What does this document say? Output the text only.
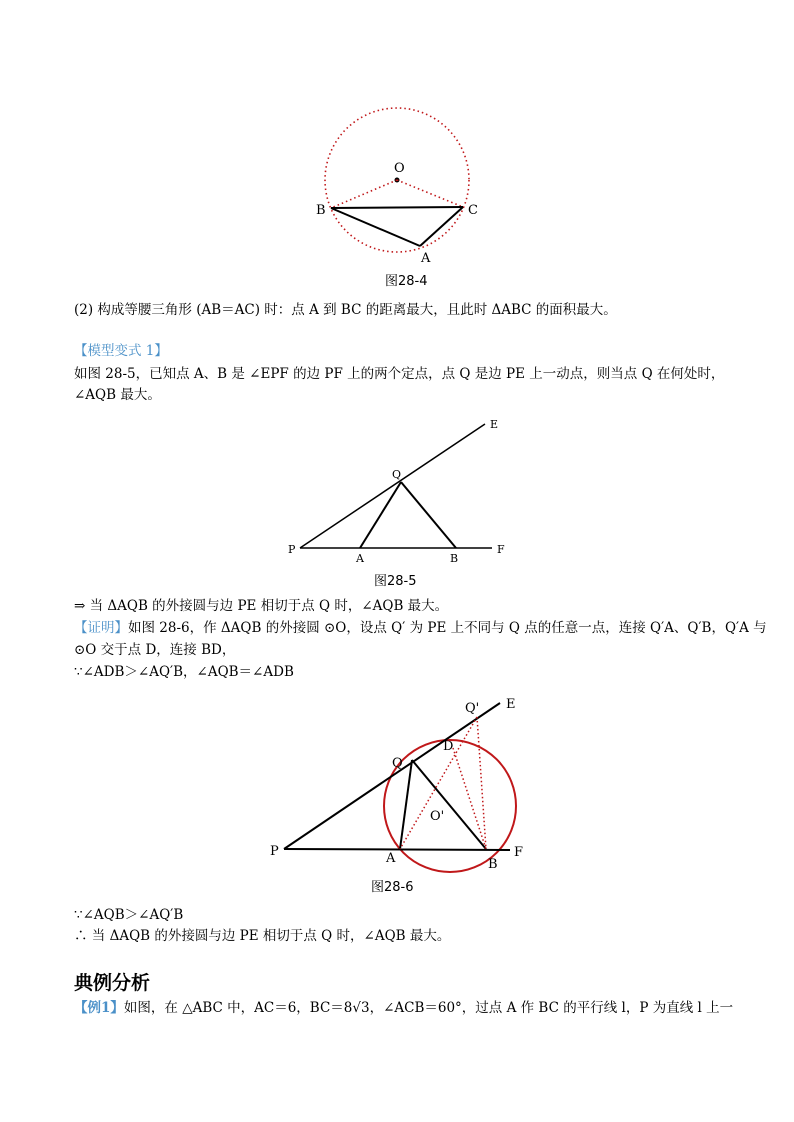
O
B	C
A
图28-4
(2) 构成等腰三角形 (AB＝AC) 时：点 A 到 BC 的距离最大，且此时 ΔABC 的面积最大。
【模型变式 1】
如图 28-5，已知点 A、B 是 ∠EPF 的边 PF 上的两个定点，点 Q 是边 PE 上一动点，则当点 Q 在何处时，
∠AQB 最大。
E
Q
P
A	B
F
图28-5
⇒ 当 ΔAQB 的外接圆与边 PE 相切于点 Q 时，∠AQB 最大。
【证明】如图 28-6，作 ΔAQB 的外接圆 ⊙O，设点 Q′ 为 PE 上不同与 Q 点的任意一点，连接 Q′A、Q′B，Q′A 与
⊙O 交于点 D，连接 BD，
∵∠ADB＞∠AQ′B，∠AQB＝∠ADB
Q' E
D
Q
O'
P	A	B
F
图28-6
∵∠AQB＞∠AQ′B
∴ 当 ΔAQB 的外接圆与边 PE 相切于点 Q 时，∠AQB 最大。
典例分析
【例1】如图，在 △ABC 中，AC＝6，BC＝8√3，∠ACB＝60°，过点 A 作 BC 的平行线 l，P 为直线 l 上一
